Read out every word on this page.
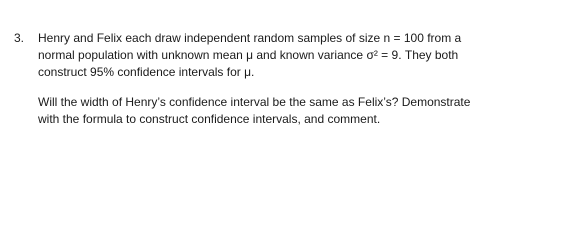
3. Henry and Felix each draw independent random samples of size n = 100 from a
normal population with unknown mean μ and known variance σ² = 9. They both
construct 95% confidence intervals for μ.

Will the width of Henry’s confidence interval be the same as Felix’s? Demonstrate
with the formula to construct confidence intervals, and comment.
